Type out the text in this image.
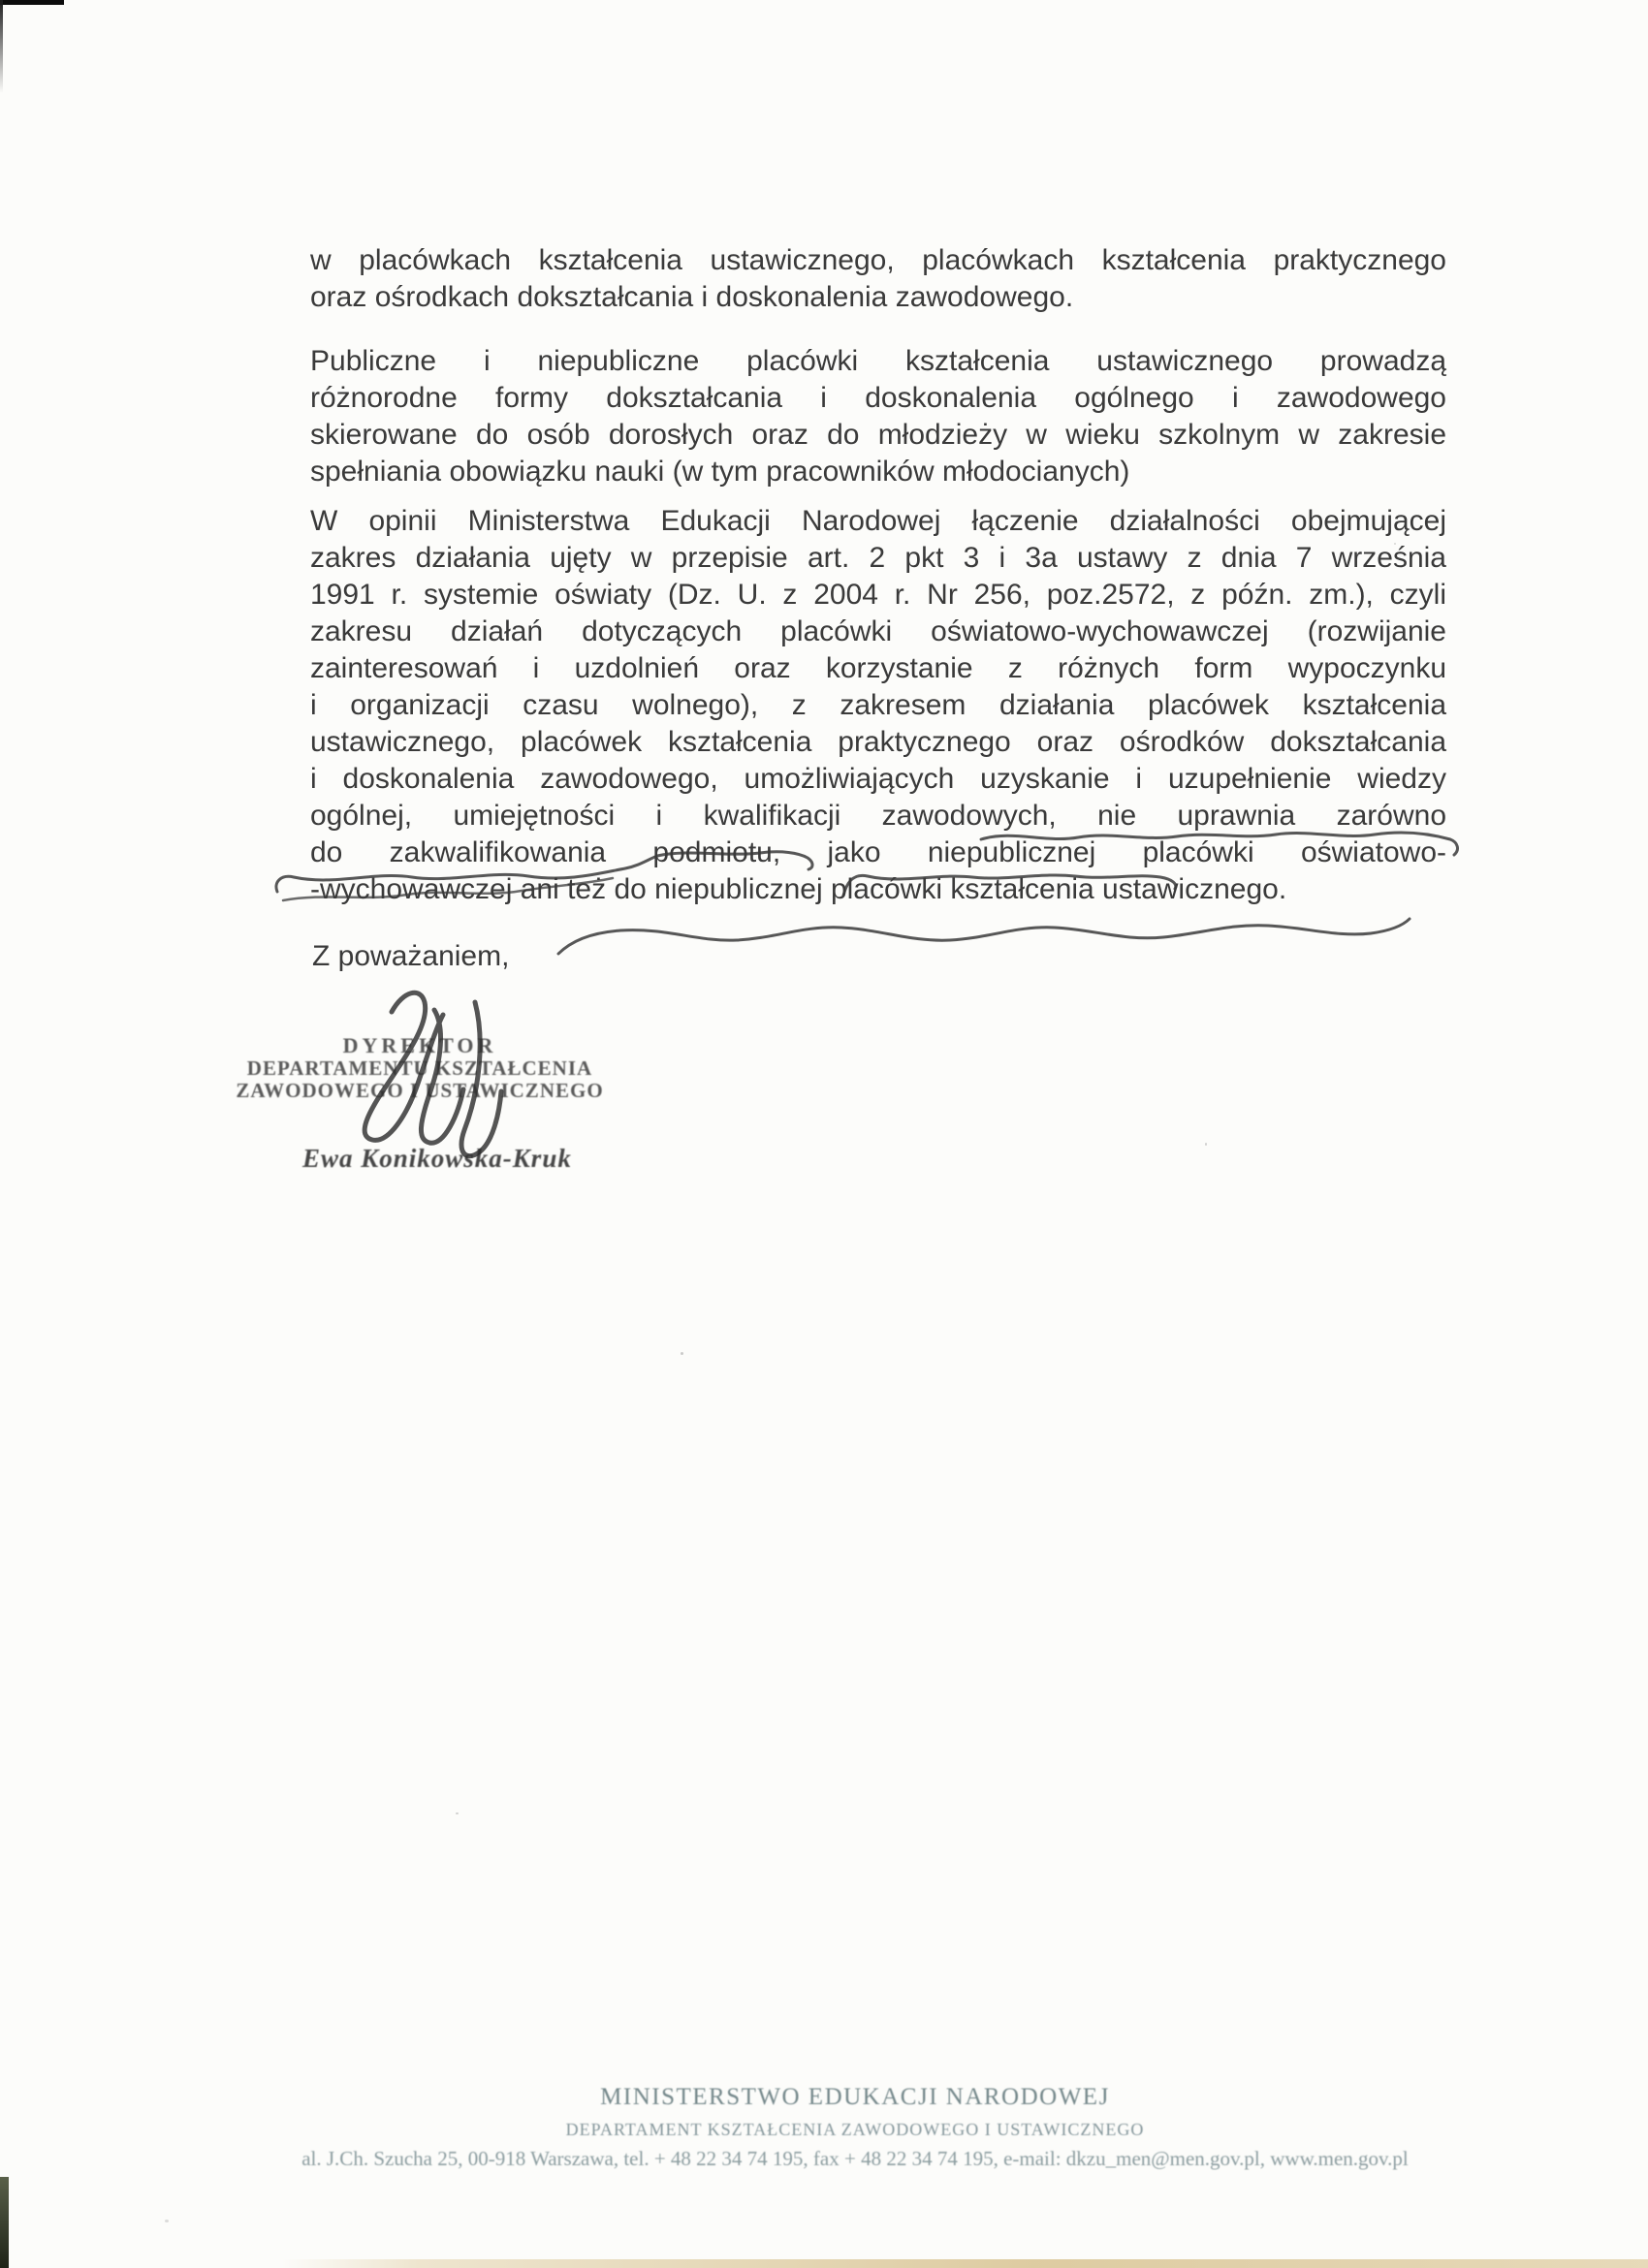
w placówkach kształcenia ustawicznego, placówkach kształcenia praktycznego
oraz ośrodkach dokształcania i doskonalenia zawodowego.
Publiczne i niepubliczne placówki kształcenia ustawicznego prowadzą
różnorodne formy dokształcania i doskonalenia ogólnego i zawodowego
skierowane do osób dorosłych oraz do młodzieży w wieku szkolnym w zakresie
spełniania obowiązku nauki (w tym pracowników młodocianych)
W opinii Ministerstwa Edukacji Narodowej łączenie działalności obejmującej
zakres działania ujęty w przepisie art. 2 pkt 3 i 3a ustawy z dnia 7 września
1991 r. systemie oświaty (Dz. U. z 2004 r. Nr 256, poz.2572, z późn. zm.), czyli
zakresu działań dotyczących placówki oświatowo-wychowawczej (rozwijanie
zainteresowań i uzdolnień oraz korzystanie z różnych form wypoczynku
i organizacji czasu wolnego), z zakresem działania placówek kształcenia
ustawicznego, placówek kształcenia praktycznego oraz ośrodków dokształcania
i doskonalenia zawodowego, umożliwiających uzyskanie i uzupełnienie wiedzy
ogólnej, umiejętności i kwalifikacji zawodowych, nie uprawnia zarówno
do zakwalifikowania podmiotu, jako niepublicznej placówki oświatowo-
-wychowawczej ani też do niepublicznej placówki kształcenia ustawicznego.
Z poważaniem,
DYREKTOR
DEPARTAMENTU KSZTAŁCENIA
ZAWODOWEGO I USTAWICZNEGO
Ewa Konikowska-Kruk
MINISTERSTWO EDUKACJI NARODOWEJ
DEPARTAMENT KSZTAŁCENIA ZAWODOWEGO I USTAWICZNEGO
al. J.Ch. Szucha 25, 00-918 Warszawa, tel. + 48 22 34 74 195, fax + 48 22 34 74 195, e-mail: dkzu_men@men.gov.pl, www.men.gov.pl
